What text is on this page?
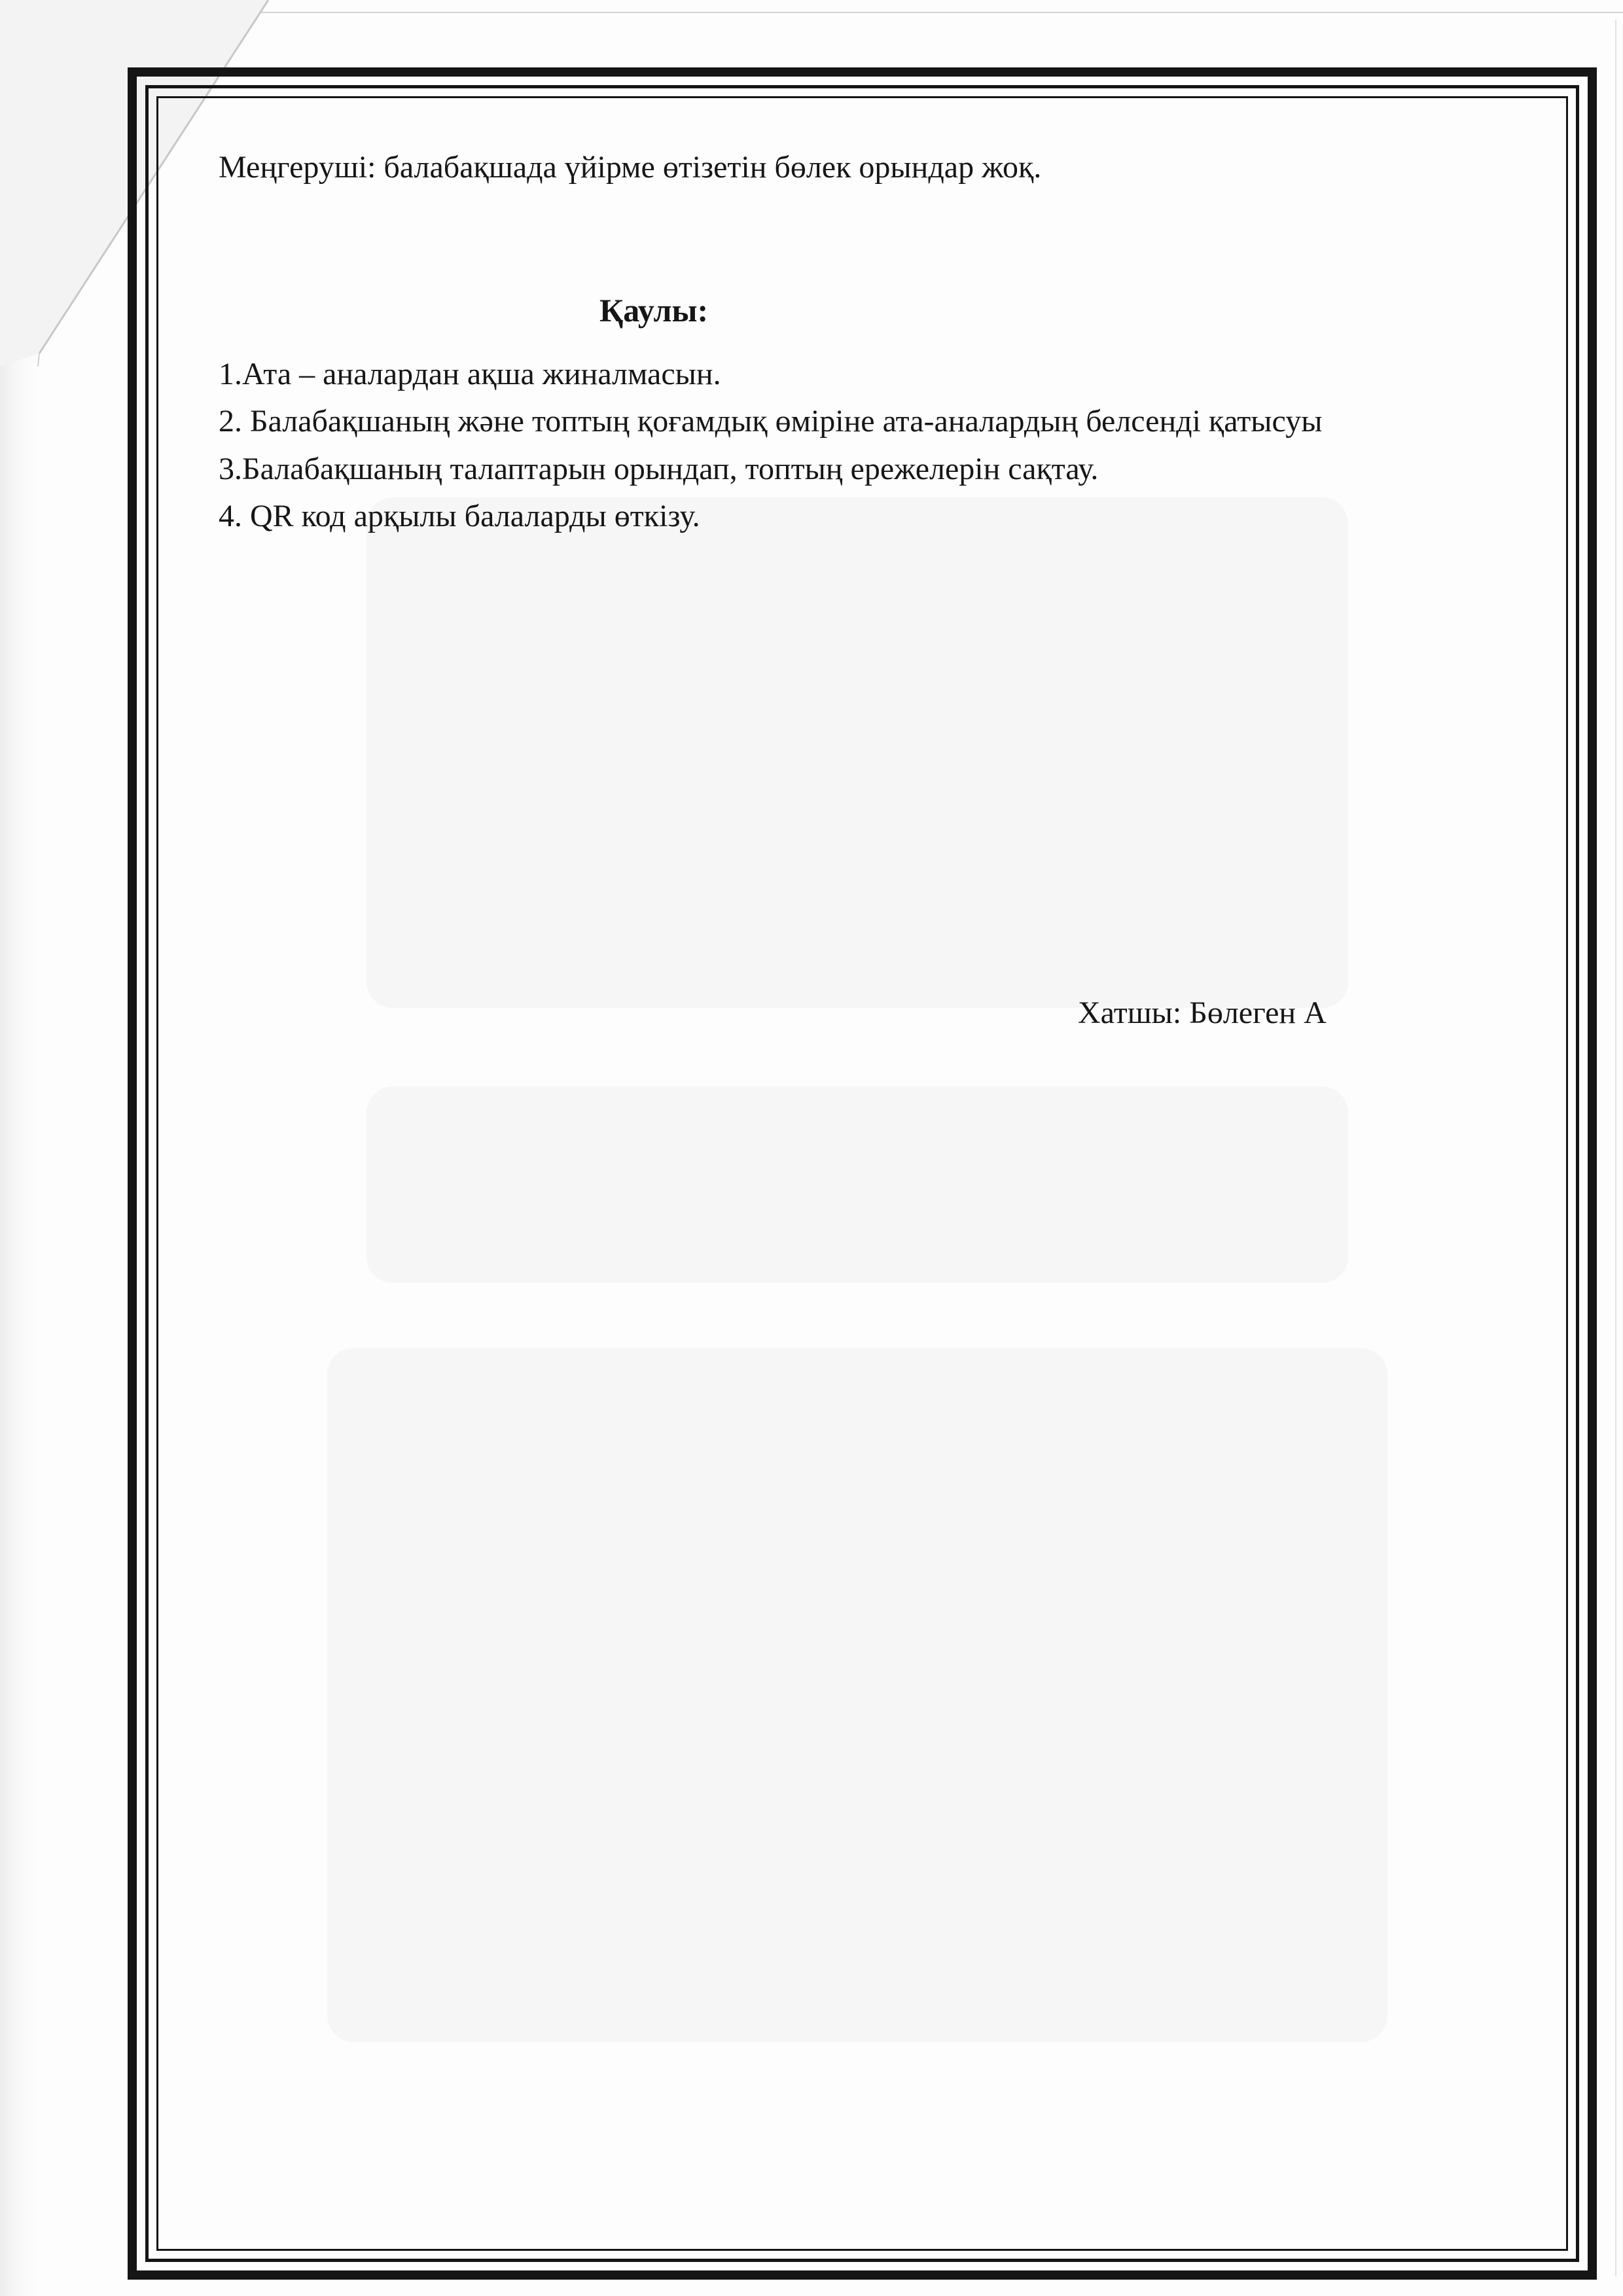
Меңгеруші: балабақшада үйірме өтізетін бөлек орындар жоқ.
Қаулы:
1.Ата – аналардан ақша жиналмасын.
2. Балабақшаның және топтың қоғамдық өміріне ата-аналардың белсенді қатысуы
3.Балабақшаның талаптарын орындап, топтың ережелерін сақтау.
4. QR код арқылы балаларды өткізу.
Хатшы: Бөлеген А
